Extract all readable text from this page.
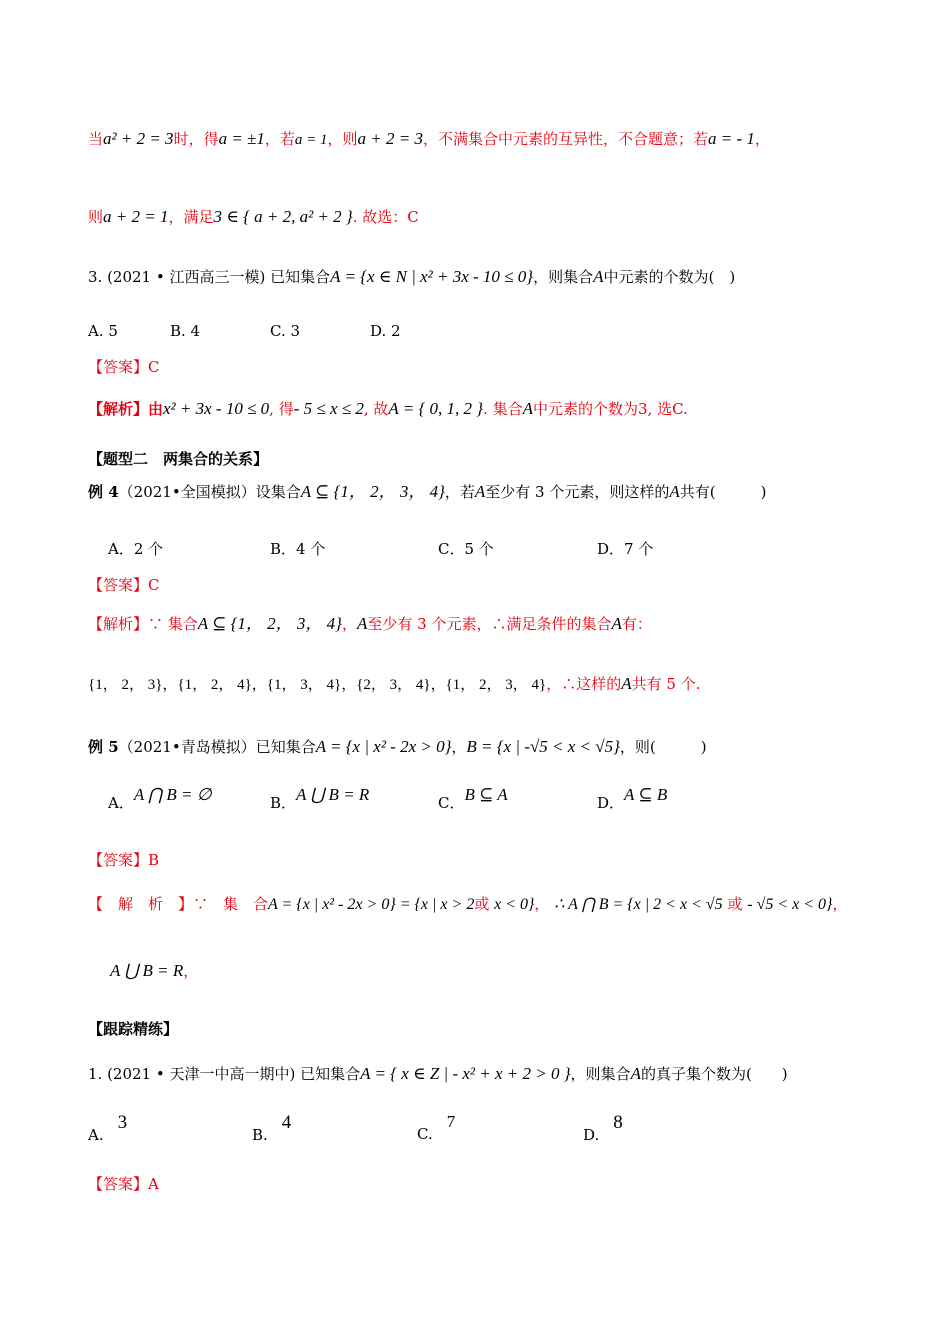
当a² + 2 = 3时，得a = ±1，若a = 1，则a + 2 = 3，不满集合中元素的互异性，不合题意；若a = - 1，
则a + 2 = 1，满足3 ∈ { a + 2, a² + 2 }. 故选：C
3. (2021 • 江西高三一模) 已知集合A = {x ∈ N | x² + 3x - 10 ≤ 0}，则集合A中元素的个数为(　)
A. 5	B. 4	C. 3	D. 2
【答案】C
【解析】由x² + 3x - 10 ≤ 0, 得- 5 ≤ x ≤ 2, 故A = { 0, 1, 2 }. 集合A中元素的个数为3, 选C.
【题型二　两集合的关系】
例 4（2021•全国模拟）设集合A ⊆ {1， 2， 3， 4}，若A至少有 3 个元素，则这样的A共有(　　　)
A．2 个	B．4 个	C．5 个	D．7 个
【答案】C
【解析】∵ 集合A ⊆ {1， 2， 3， 4}，A至少有 3 个元素，∴满足条件的集合A有：
{1， 2， 3}，{1， 2， 4}，{1， 3， 4}，{2， 3， 4}，{1， 2， 3， 4}，∴这样的A共有 5 个.
例 5（2021•青岛模拟）已知集合A = {x | x² - 2x > 0}，B = {x | -√5 < x < √5}，则(　　　)
A．A ⋂ B = ∅	B．A ⋃ B = R	C．B ⊆ A	D．A ⊆ B
【答案】B
【　解　析　】∵　集　合A = {x | x² - 2x > 0} = {x | x > 2或 x < 0}， ∴ A ⋂ B = {x | 2 < x < √5 或 - √5 < x < 0}，
A ⋃ B = R，
【跟踪精练】
1. (2021 • 天津一中高一期中) 已知集合A = { x ∈ Z | - x² + x + 2 > 0 }，则集合A的真子集个数为(　　)
A.3
B.4
C.7
D.8
【答案】A
